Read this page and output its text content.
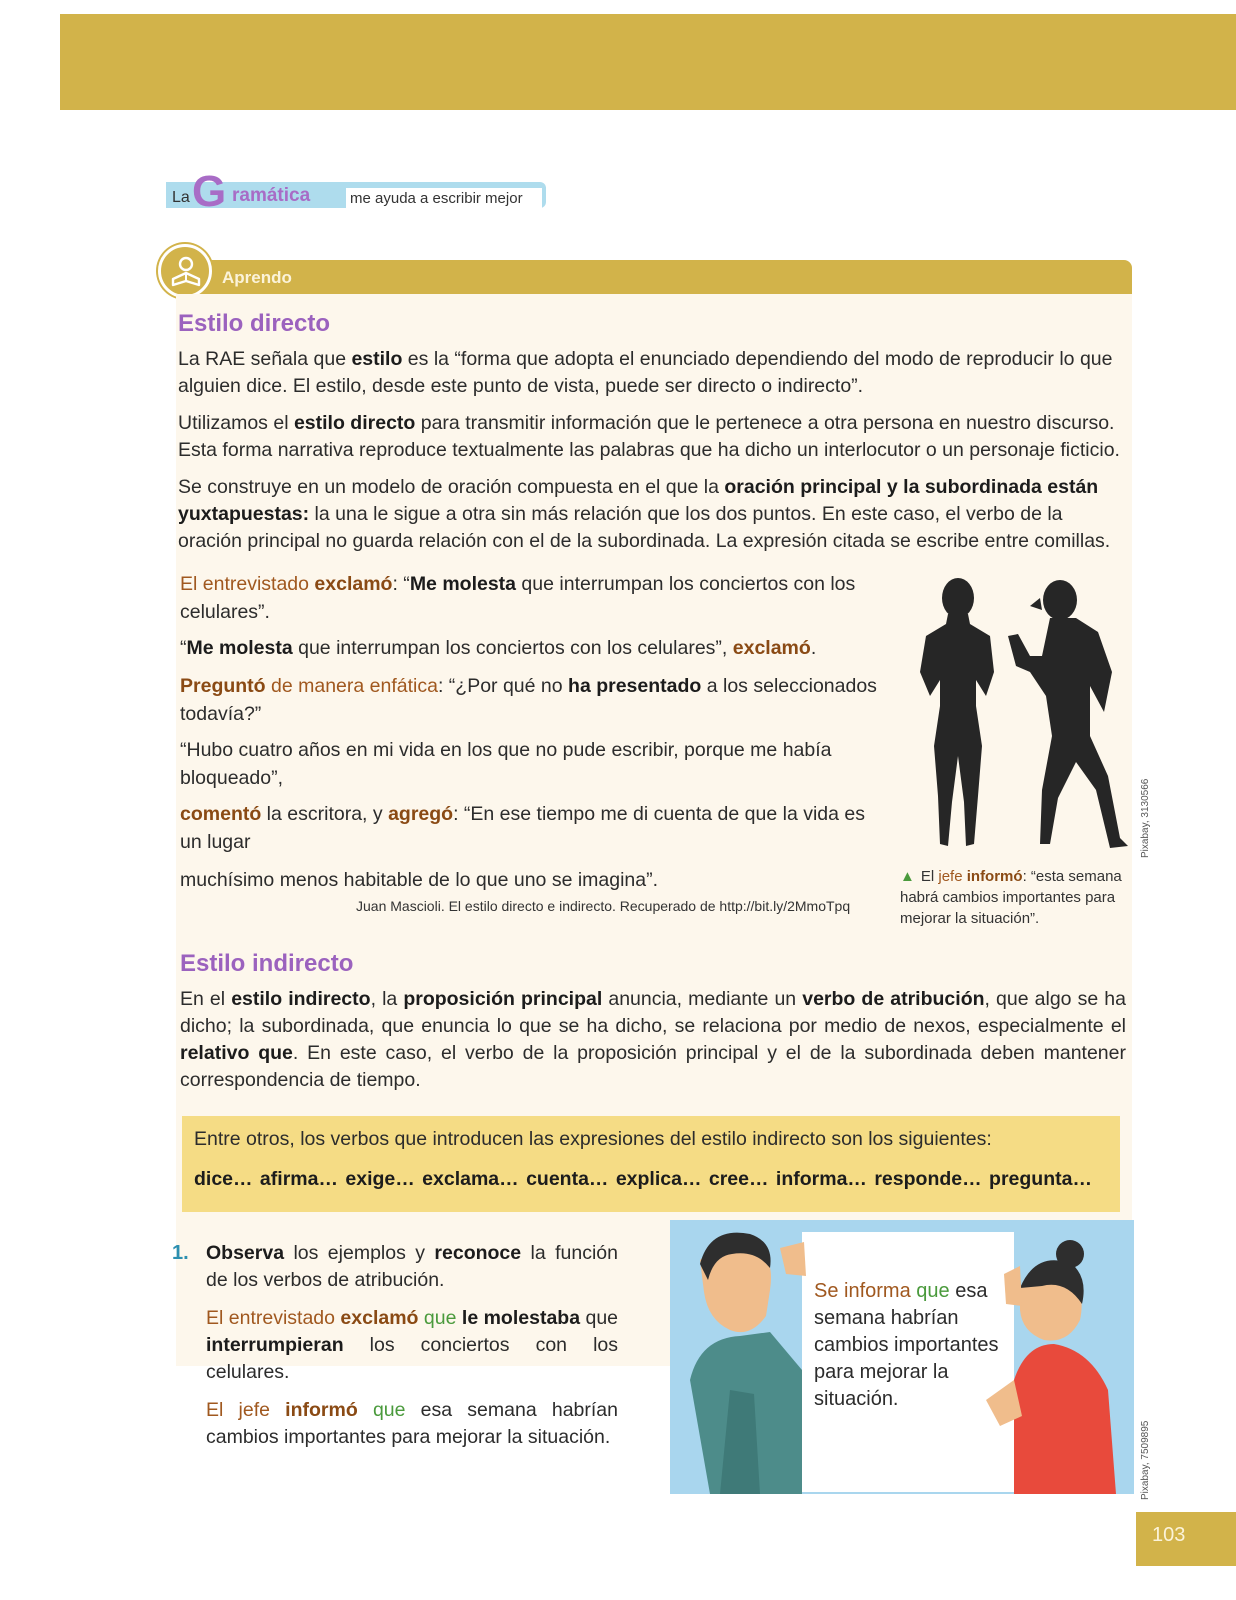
La G ramática	me ayuda a escribir mejor
Aprendo
Estilo directo

La RAE señala que estilo es la “forma que adopta el enunciado dependiendo del modo de reproducir lo que alguien dice. El estilo, desde este punto de vista, puede ser directo o indirecto”.

Utilizamos el estilo directo para transmitir información que le pertenece a otra persona en nuestro discurso. Esta forma narrativa reproduce textualmente las palabras que ha dicho un interlocutor o un personaje ficticio.

Se construye en un modelo de oración compuesta en el que la oración principal y la subordinada están yuxtapuestas: la una le sigue a otra sin más relación que los dos puntos. En este caso, el verbo de la oración principal no guarda relación con el de la subordinada. La expresión citada se escribe entre comillas.

El entrevistado exclamó: “Me molesta que interrumpan los conciertos con los celulares”.

“Me molesta que interrumpan los conciertos con los celulares”, exclamó.

Preguntó de manera enfática: “¿Por qué no ha presentado a los seleccionados todavía?”

“Hubo cuatro años en mi vida en los que no pude escribir, porque me había bloqueado”,

comentó la escritora, y agregó: “En ese tiempo me di cuenta de que la vida es un lugar

muchísimo menos habitable de lo que uno se imagina”.

Juan Mascioli. El estilo directo e indirecto. Recuperado de http://bit.ly/2MmoTpq
Pixabay, 3130566
▲ El jefe informó: “esta semana habrá cambios importantes para mejorar la situación”.
Estilo indirecto

En el estilo indirecto, la proposición principal anuncia, mediante un verbo de atribución, que algo se ha dicho; la subordinada, que enuncia lo que se ha dicho, se relaciona por medio de nexos, especialmente el relativo que. En este caso, el verbo de la proposición principal y el de la subordinada deben mantener correspondencia de tiempo.

Entre otros, los verbos que introducen las expresiones del estilo indirecto son los siguientes:
dice… afirma… exige… exclama… cuenta… explica… cree… informa… responde… pregunta…
1. Observa los ejemplos y reconoce la función de los verbos de atribución.

El entrevistado exclamó que le molestaba que interrumpieran los conciertos con los celulares.

El jefe informó que esa semana habrían cambios importantes para mejorar la situación.

Se informa que esa semana habrían cambios importantes para mejorar la situación.
Pixabay, 7509895
103
